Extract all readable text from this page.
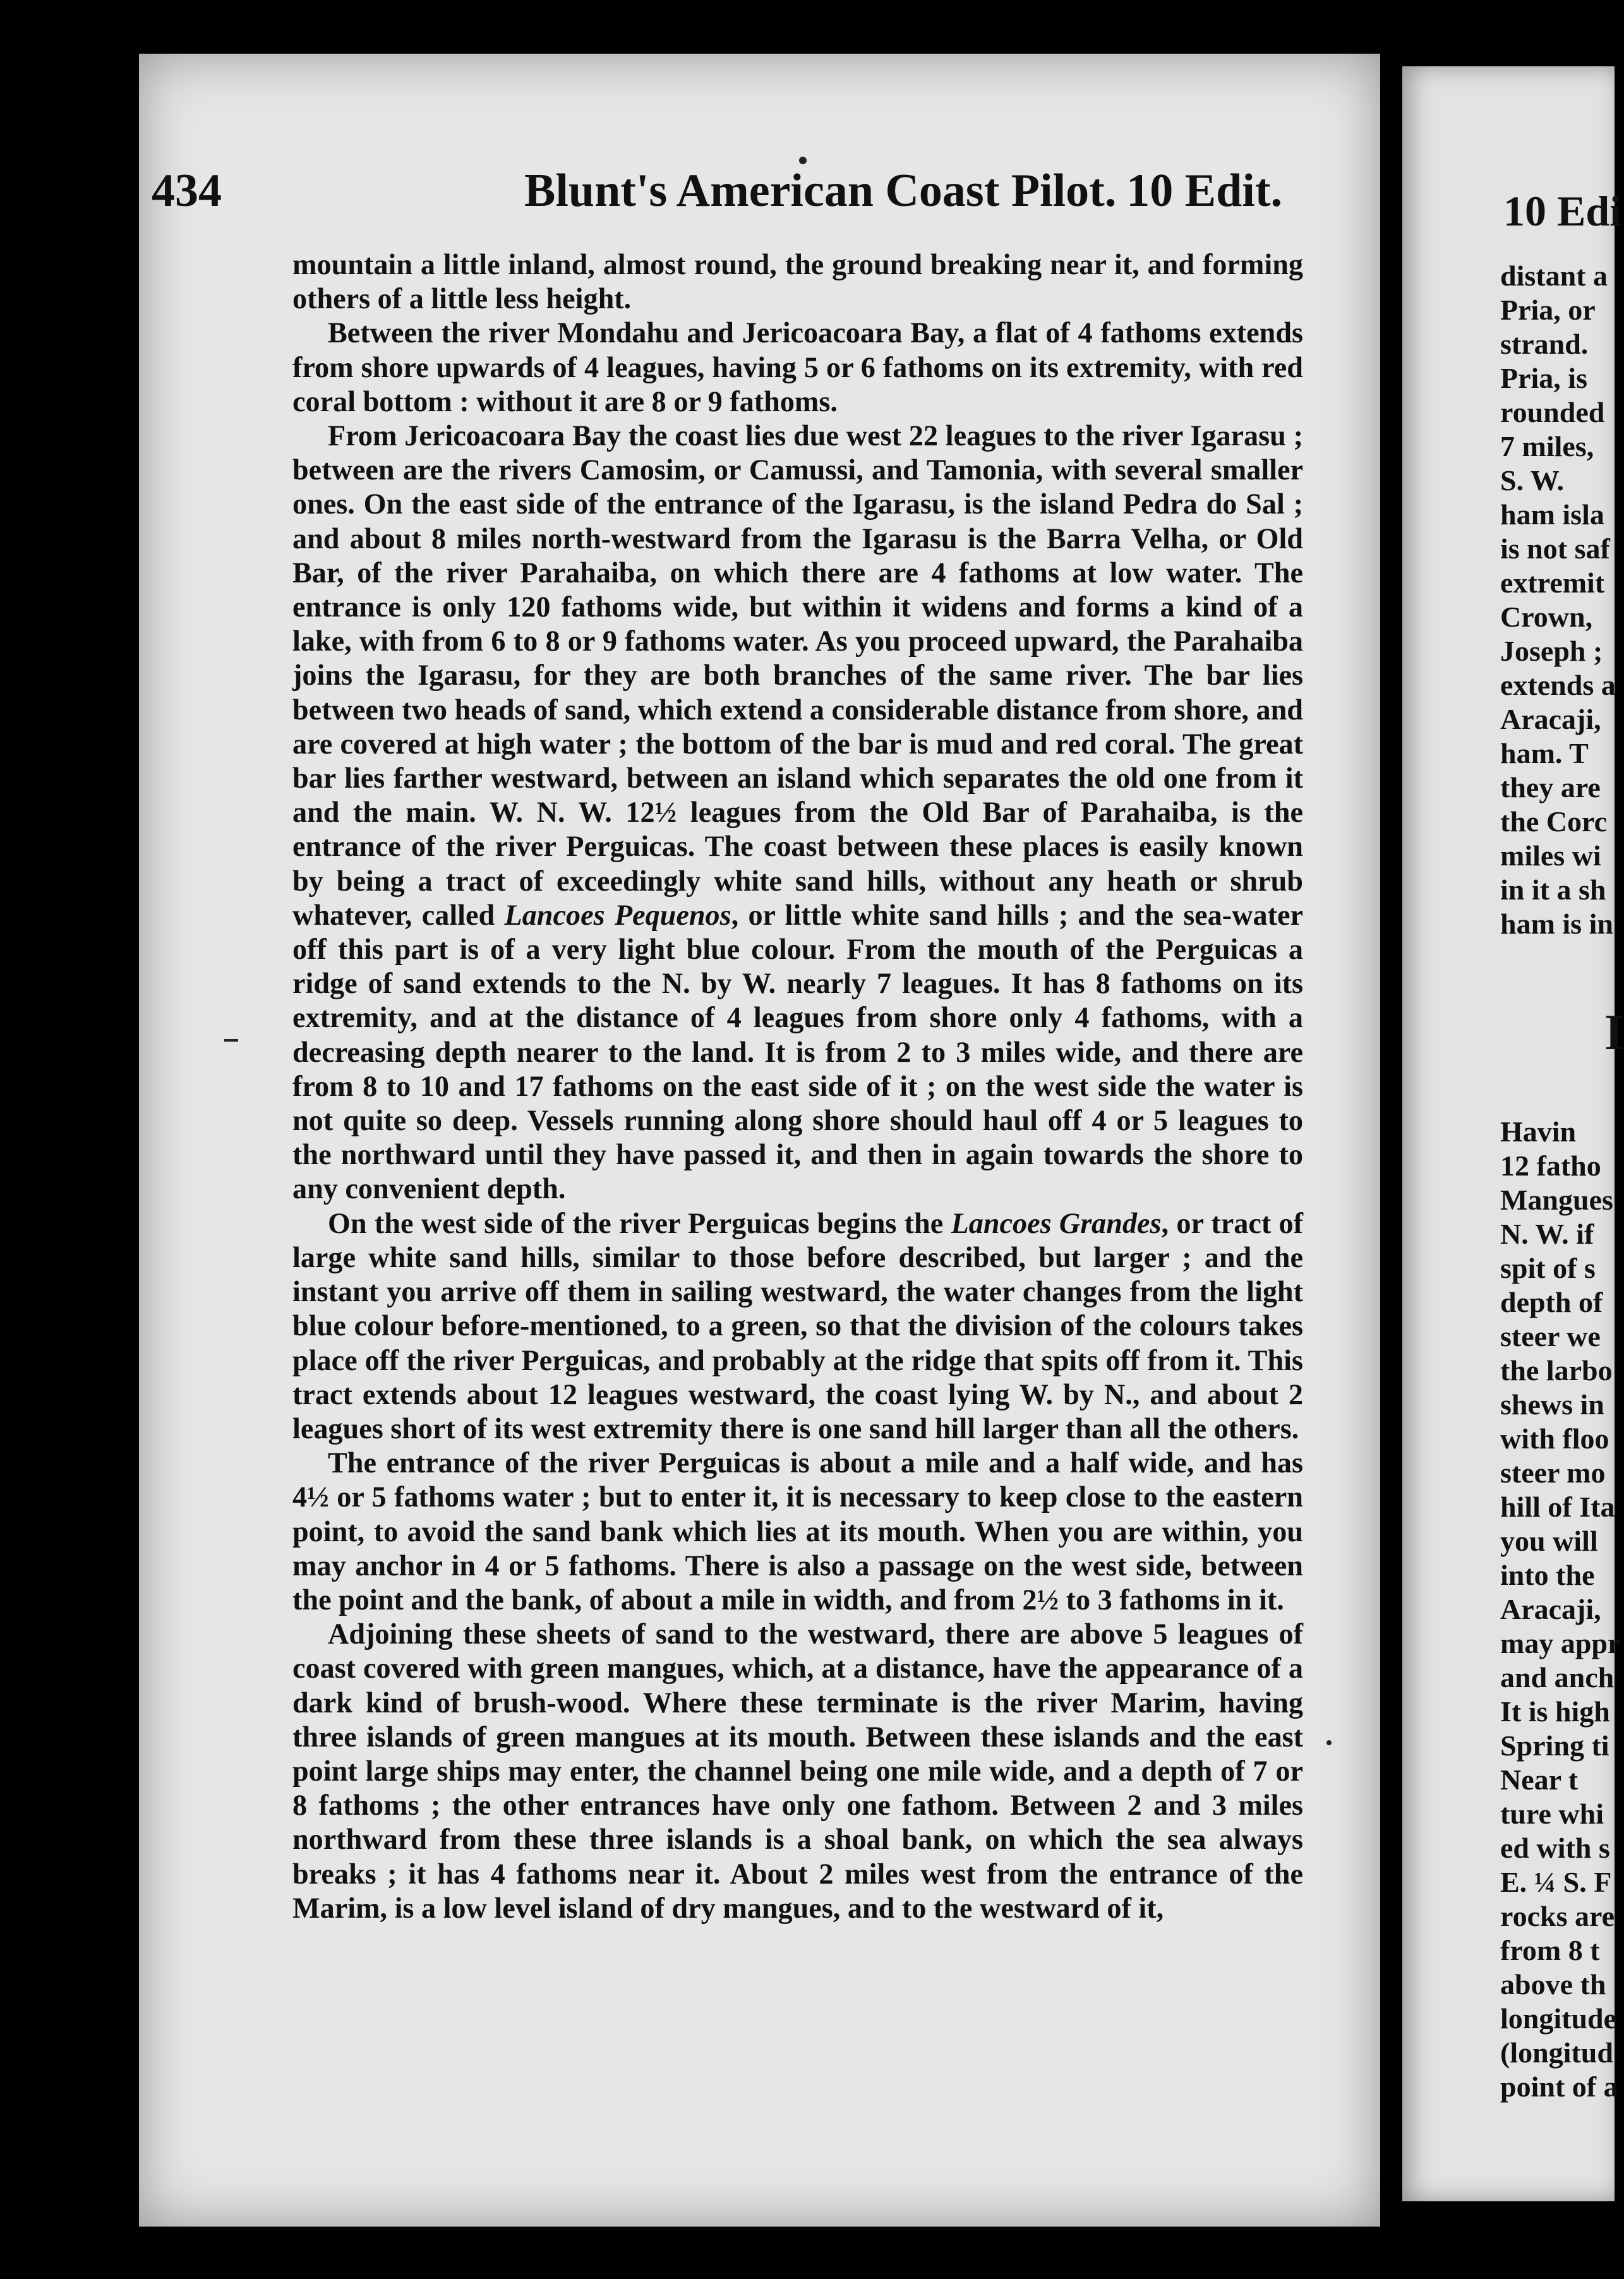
434	Blunt's American Coast Pilot. 10 Edit.

mountain a little inland, almost round, the ground breaking near it, and forming others of a little less height.

Between the river Mondahu and Jericoacoara Bay, a flat of 4 fathoms extends from shore upwards of 4 leagues, having 5 or 6 fathoms on its extremity, with red coral bottom : without it are 8 or 9 fathoms.

From Jericoacoara Bay the coast lies due west 22 leagues to the river Igarasu ; between are the rivers Camosim, or Camussi, and Tamonia, with several smaller ones. On the east side of the entrance of the Igarasu, is the island Pedra do Sal ; and about 8 miles north-westward from the Igarasu is the Barra Velha, or Old Bar, of the river Parahaiba, on which there are 4 fathoms at low water. The entrance is only 120 fathoms wide, but within it widens and forms a kind of a lake, with from 6 to 8 or 9 fathoms water. As you proceed upward, the Parahaiba joins the Igarasu, for they are both branches of the same river. The bar lies between two heads of sand, which extend a considerable distance from shore, and are covered at high water ; the bottom of the bar is mud and red coral. The great bar lies farther westward, between an island which separates the old one from it and the main. W. N. W. 12½ leagues from the Old Bar of Parahaiba, is the entrance of the river Perguicas. The coast between these places is easily known by being a tract of exceedingly white sand hills, without any heath or shrub whatever, called Lancoes Pequenos, or little white sand hills ; and the sea-water off this part is of a very light blue colour. From the mouth of the Perguicas a ridge of sand extends to the N. by W. nearly 7 leagues. It has 8 fathoms on its extremity, and at the distance of 4 leagues from shore only 4 fathoms, with a decreasing depth nearer to the land. It is from 2 to 3 miles wide, and there are from 8 to 10 and 17 fathoms on the east side of it ; on the west side the water is not quite so deep. Vessels running along shore should haul off 4 or 5 leagues to the northward until they have passed it, and then in again towards the shore to any convenient depth.

On the west side of the river Perguicas begins the Lancoes Grandes, or tract of large white sand hills, similar to those before described, but larger ; and the instant you arrive off them in sailing westward, the water changes from the light blue colour before-mentioned, to a green, so that the division of the colours takes place off the river Perguicas, and probably at the ridge that spits off from it. This tract extends about 12 leagues westward, the coast lying W. by N., and about 2 leagues short of its west extremity there is one sand hill larger than all the others.

The entrance of the river Perguicas is about a mile and a half wide, and has 4½ or 5 fathoms water ; but to enter it, it is necessary to keep close to the eastern point, to avoid the sand bank which lies at its mouth. When you are within, you may anchor in 4 or 5 fathoms. There is also a passage on the west side, between the point and the bank, of about a mile in width, and from 2½ to 3 fathoms in it.

Adjoining these sheets of sand to the westward, there are above 5 leagues of coast covered with green mangues, which, at a distance, have the appearance of a dark kind of brush-wood. Where these terminate is the river Marim, having three islands of green mangues at its mouth. Between these islands and the east point large ships may enter, the channel being one mile wide, and a depth of 7 or 8 fathoms ; the other entrances have only one fathom. Between 2 and 3 miles northward from these three islands is a shoal bank, on which the sea always breaks ; it has 4 fathoms near it. About 2 miles west from the entrance of the Marim, is a low level island of dry mangues, and to the westward of it,

10 Edi
distant a
Pria, or
strand.
Pria, is
rounded
7 miles,
S. W.
ham isla
is not saf
extremit
Crown,
Joseph ;
extends a
Aracaji,
ham. T
they are
the Corc
miles wi
in it a sh
ham is in
Havin
12 fatho
Mangues
N. W. if
spit of s
depth of
steer we
the larbo
shews in
with floo
steer mo
hill of Ita
you will
into the
Aracaji,
may appr
and anch
It is high
Spring ti
Near t
ture whi
ed with s
E. ¼ S. F
rocks are
from 8 t
above th
longitude
(longitud
point of a
I
